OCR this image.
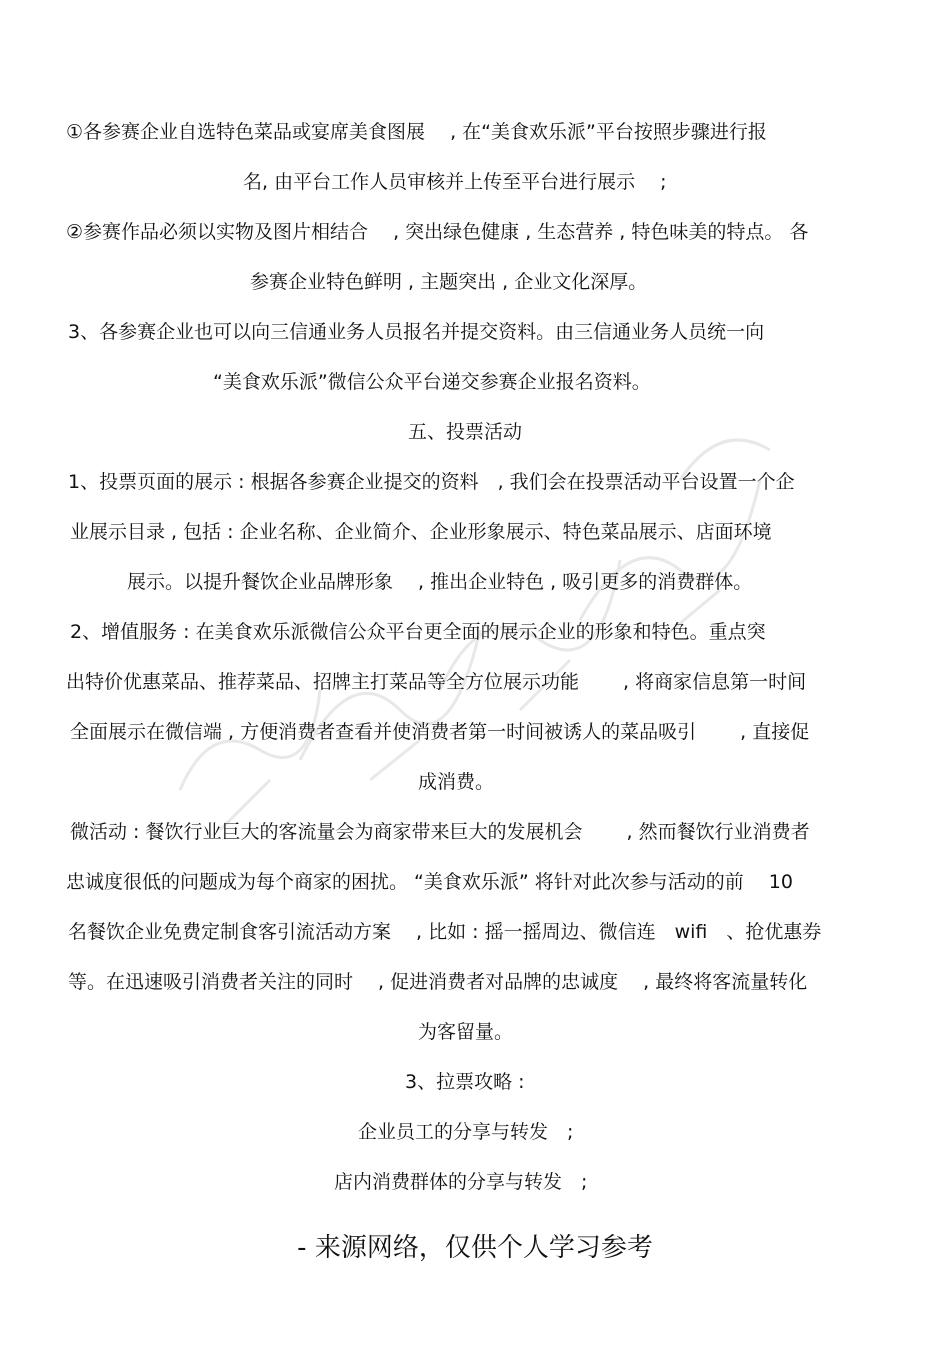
①各参赛企业自选特色菜品或宴席美食图展　 , 在“美食欢乐派”平台按照步骤进行报
名, 由平台工作人员审核并上传至平台进行展示　 ;
②参赛作品必须以实物及图片相结合　 , 突出绿色健康 , 生态营养 , 特色味美的特点。 各
参赛企业特色鲜明 , 主题突出 , 企业文化深厚。
3、各参赛企业也可以向三信通业务人员报名并提交资料。由三信通业务人员统一向
“美食欢乐派”微信公众平台递交参赛企业报名资料。
五、投票活动
1、投票页面的展示 : 根据各参赛企业提交的资料　, 我们会在投票活动平台设置一个企
业展示目录 , 包括 : 企业名称、企业简介、企业形象展示、特色菜品展示、店面环境
展示。以提升餐饮企业品牌形象　 , 推出企业特色 , 吸引更多的消费群体。
2、增值服务 : 在美食欢乐派微信公众平台更全面的展示企业的形象和特色。重点突
出特价优惠菜品、推荐菜品、招牌主打菜品等全方位展示功能　　 , 将商家信息第一时间
全面展示在微信端 , 方便消费者查看并使消费者第一时间被诱人的菜品吸引　　 , 直接促
成消费。
微活动 : 餐饮行业巨大的客流量会为商家带来巨大的发展机会　　 , 然而餐饮行业消费者
忠诚度很低的问题成为每个商家的困扰。 “美食欢乐派” 将针对此次参与活动的前　 10
名餐饮企业免费定制食客引流活动方案　 , 比如 : 摇一摇周边、微信连　wifi　、抢优惠券
等。在迅速吸引消费者关注的同时　 , 促进消费者对品牌的忠诚度　 , 最终将客流量转化
为客留量。
3、拉票攻略 :
企业员工的分享与转发　;
店内消费群体的分享与转发　;
- 来源网络，仅供个人学习参考
